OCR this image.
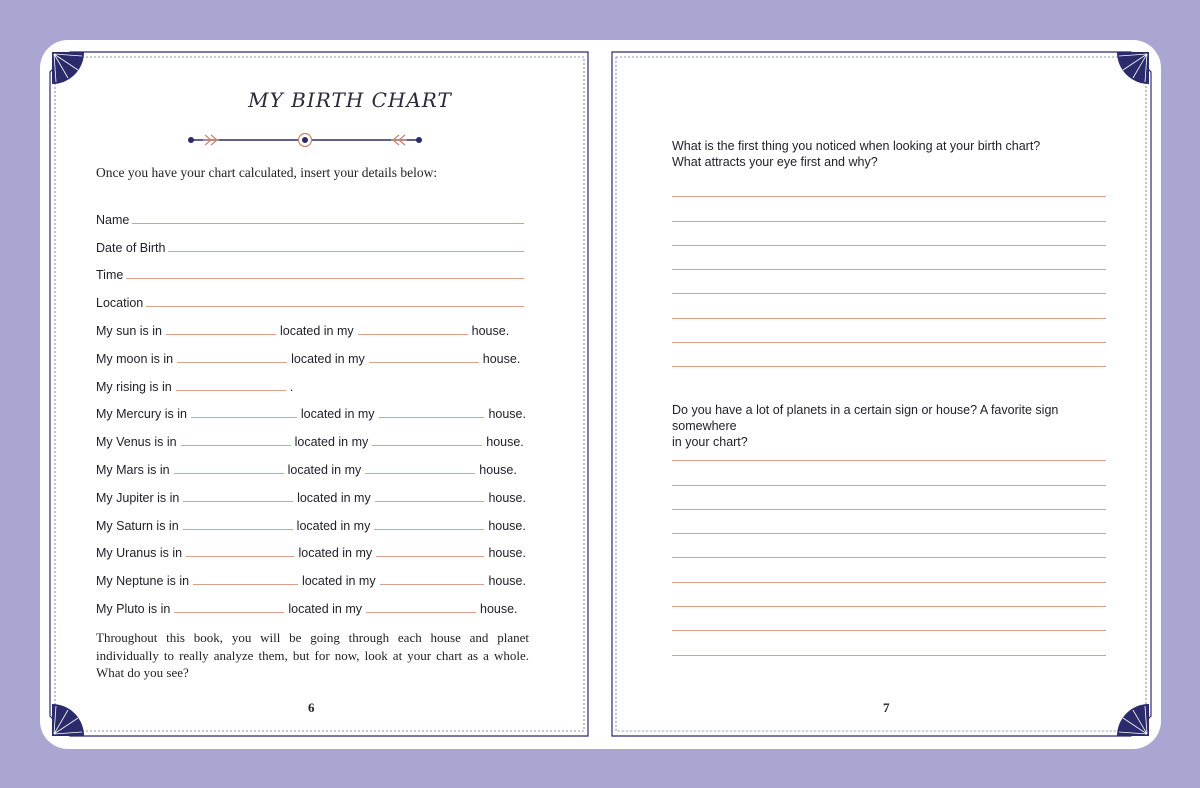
MY BIRTH CHART
Once you have your chart calculated, insert your details below:
Name
Date of Birth
Time
Location
My sun is in	located in my	house.
My moon is in	located in my	house.
My rising is in	.
My Mercury is in	located in my	house.
My Venus is in	located in my	house.
My Mars is in	located in my	house.
My Jupiter is in	located in my	house.
My Saturn is in	located in my	house.
My Uranus is in	located in my	house.
My Neptune is in	located in my	house.
My Pluto is in	located in my	house.
Throughout this book, you will be going through each house and planet individually to really analyze them, but for now, look at your chart as a whole. What do you see?
6
What is the first thing you noticed when looking at your birth chart?
What attracts your eye first and why?
Do you have a lot of planets in a certain sign or house? A favorite sign somewhere
in your chart?
7
